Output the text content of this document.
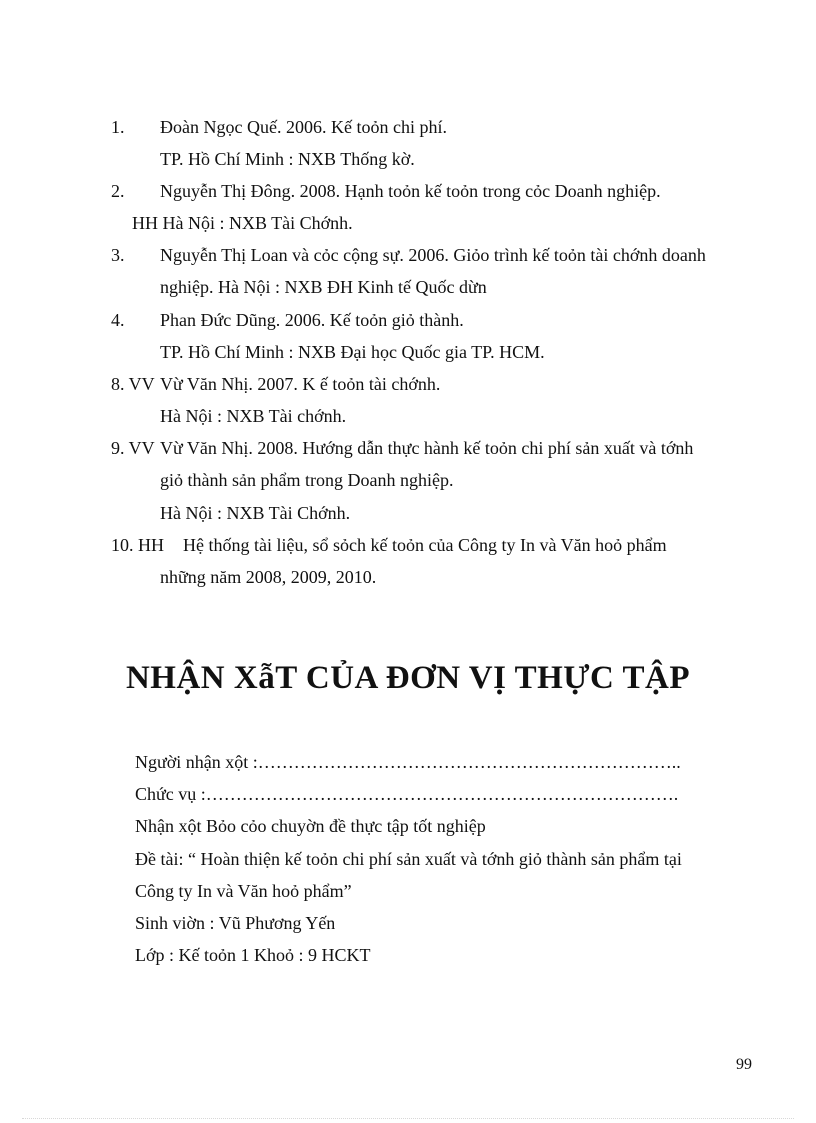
1. Đoàn Ngọc Quế. 2006. Kế toỏn chi phí.
TP. Hồ Chí Minh : NXB Thống kờ.
2. Nguyễn Thị Đông. 2008. Hạnh toỏn kế toỏn trong cỏc Doanh nghiệp.
HH Hà Nội : NXB Tài Chớnh.
3. Nguyễn Thị Loan và cỏc cộng sự. 2006. Giỏo trình kế toỏn tài chớnh doanh
nghiệp. Hà Nội : NXB ĐH Kinh tế Quốc dừn
4. Phan Đức Dũng. 2006. Kế toỏn giỏ thành.
TP. Hồ Chí Minh : NXB Đại học Quốc gia TP. HCM.
8. VV Vừ Văn Nhị. 2007. K ế toỏn tài chớnh.
Hà Nội : NXB Tài chớnh.
9. VV Vừ Văn Nhị. 2008. Hướng dẫn thực hành kế toỏn chi phí sản xuất và tớnh
giỏ thành sản phẩm trong Doanh nghiệp.
Hà Nội : NXB Tài Chớnh.
10. HH Hệ thống tài liệu, sổ sỏch kế toỏn của Công ty In và Văn hoỏ phẩm
những năm 2008, 2009, 2010.
NHẬN XẫT CỦA ĐƠN VỊ THỰC TẬP
Người nhận xột :……………………………………………………………..
Chức vụ :…………………………………………………………………….
Nhận xột Bỏo cỏo chuyờn đề thực tập tốt nghiệp
Đề tài: “ Hoàn thiện kế toỏn chi phí sản xuất và tớnh giỏ thành sản phẩm tại
Công ty In và Văn hoỏ phẩm”
Sinh viờn : Vũ Phương Yến
Lớp : Kế toỏn 1 Khoỏ : 9 HCKT
99
